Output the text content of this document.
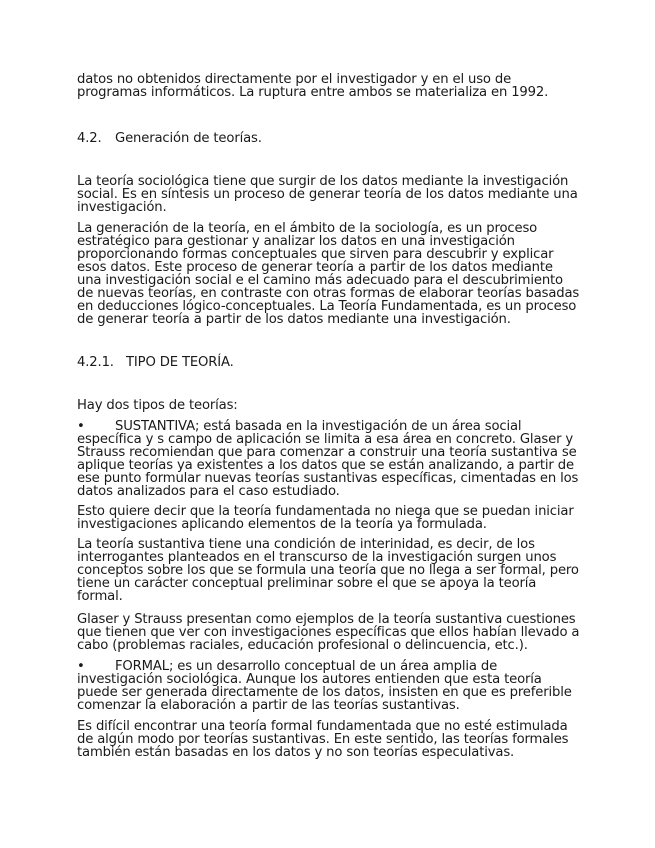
datos no obtenidos directamente por el investigador y en el uso de programas informáticos. La ruptura entre ambos se materializa en 1992.

4.2. Generación de teorías.

La teoría sociológica tiene que surgir de los datos mediante la investigación social. Es en síntesis un proceso de generar teoría de los datos mediante una investigación.

La generación de la teoría, en el ámbito de la sociología, es un proceso estratégico para gestionar y analizar los datos en una investigación proporcionando formas conceptuales que sirven para descubrir y explicar esos datos. Este proceso de generar teoría a partir de los datos mediante una investigación social e el camino más adecuado para el descubrimiento de nuevas teorías, en contraste con otras formas de elaborar teorías basadas en deducciones lógico-conceptuales. La Teoría Fundamentada, es un proceso de generar teoría a partir de los datos mediante una investigación.

4.2.1. TIPO DE TEORÍA.

Hay dos tipos de teorías:

• SUSTANTIVA; está basada en la investigación de un área social específica y s campo de aplicación se limita a esa área en concreto. Glaser y Strauss recomiendan que para comenzar a construir una teoría sustantiva se aplique teorías ya existentes a los datos que se están analizando, a partir de ese punto formular nuevas teorías sustantivas específicas, cimentadas en los datos analizados para el caso estudiado.

Esto quiere decir que la teoría fundamentada no niega que se puedan iniciar investigaciones aplicando elementos de la teoría ya formulada.

La teoría sustantiva tiene una condición de interinidad, es decir, de los interrogantes planteados en el transcurso de la investigación surgen unos conceptos sobre los que se formula una teoría que no llega a ser formal, pero tiene un carácter conceptual preliminar sobre el que se apoya la teoría formal.

Glaser y Strauss presentan como ejemplos de la teoría sustantiva cuestiones que tienen que ver con investigaciones específicas que ellos habían llevado a cabo (problemas raciales, educación profesional o delincuencia, etc.).

• FORMAL; es un desarrollo conceptual de un área amplia de investigación sociológica. Aunque los autores entienden que esta teoría puede ser generada directamente de los datos, insisten en que es preferible comenzar la elaboración a partir de las teorías sustantivas.

Es difícil encontrar una teoría formal fundamentada que no esté estimulada de algún modo por teorías sustantivas. En este sentido, las teorías formales también están basadas en los datos y no son teorías especulativas.
